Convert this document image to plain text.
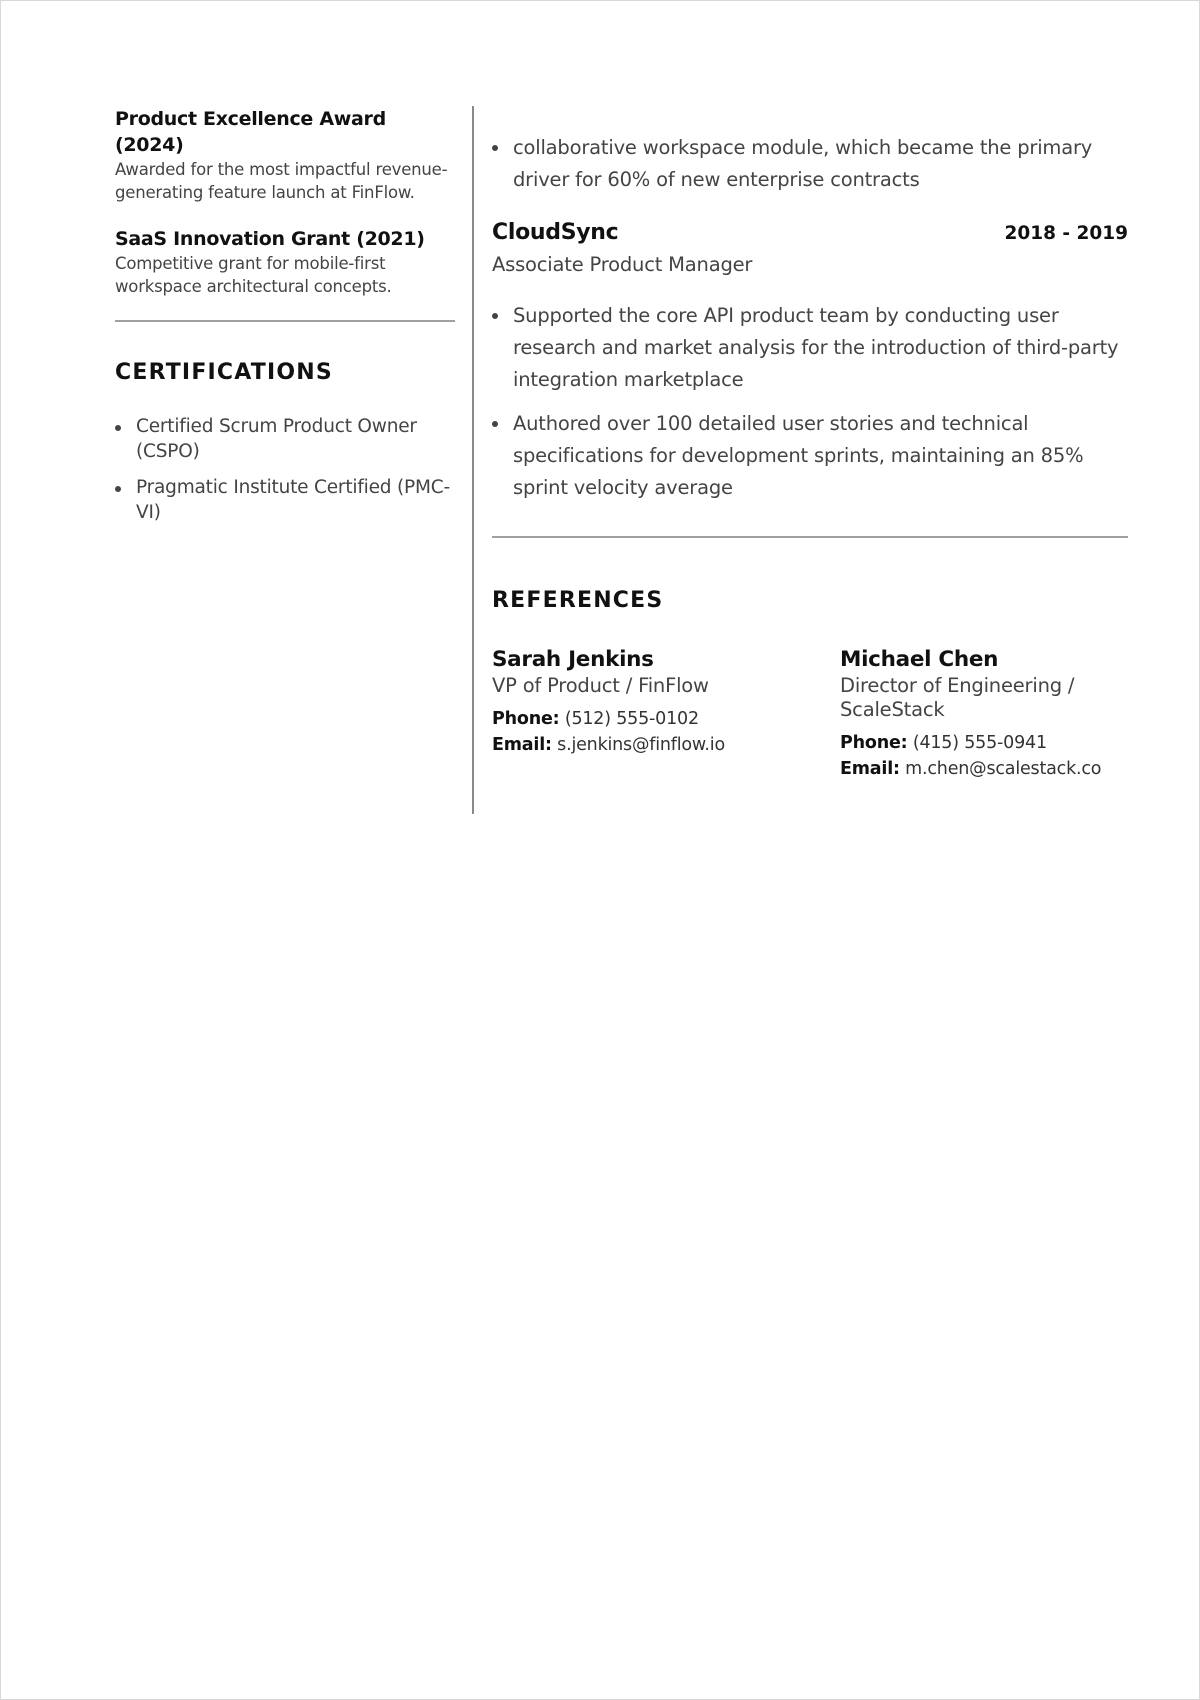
Product Excellence Award (2024)
Awarded for the most impactful revenue-generating feature launch at FinFlow.
SaaS Innovation Grant (2021)
Competitive grant for mobile-first workspace architectural concepts.
CERTIFICATIONS
Certified Scrum Product Owner (CSPO)
Pragmatic Institute Certified (PMC-VI)
collaborative workspace module, which became the primary driver for 60% of new enterprise contracts
CloudSync	2018 - 2019
Associate Product Manager
Supported the core API product team by conducting user research and market analysis for the introduction of third-party integration marketplace
Authored over 100 detailed user stories and technical specifications for development sprints, maintaining an 85% sprint velocity average
REFERENCES
Sarah Jenkins
VP of Product / FinFlow
Phone: (512) 555-0102
Email: s.jenkins@finflow.io
Michael Chen
Director of Engineering / ScaleStack
Phone: (415) 555-0941
Email: m.chen@scalestack.co
